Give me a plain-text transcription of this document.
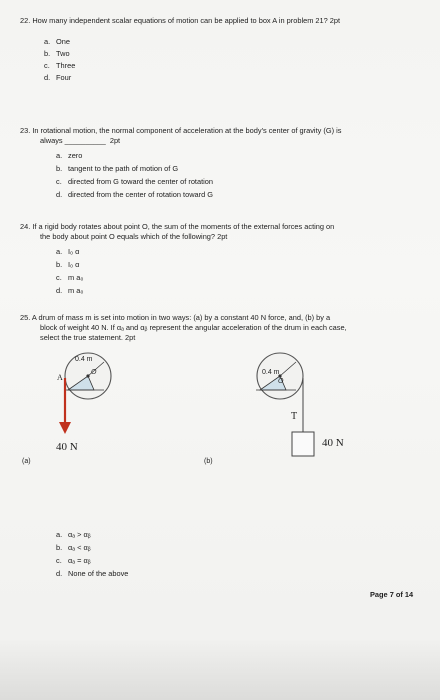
22. How many independent scalar equations of motion can be applied to box A in problem 21? 2pt
a. One
b. Two
c. Three
d. Four
23. In rotational motion, the normal component of acceleration at the body's center of gravity (G) is
always __________ 2pt
a. zero
b. tangent to the path of motion of G
c. directed from G toward the center of rotation
d. directed from the center of rotation toward G
24. If a rigid body rotates about point O, the sum of the moments of the external forces acting on
the body about point O equals which of the following? 2pt
a. I₀ α
b. I₀ α
c. m a₀
d. m a₀
25. A drum of mass m is set into motion in two ways: (a) by a constant 40 N force, and, (b) by a
block of weight 40 N. If αₐ and αᵦ represent the angular acceleration of the drum in each case,
select the true statement. 2pt
0.4 m
O
A
40 N
(a)
0.4 m
O
T
40 N
(b)
a. αₐ > αᵦ
b. αₐ < αᵦ
c. αₐ = αᵦ
d. None of the above
Page 7 of 14
